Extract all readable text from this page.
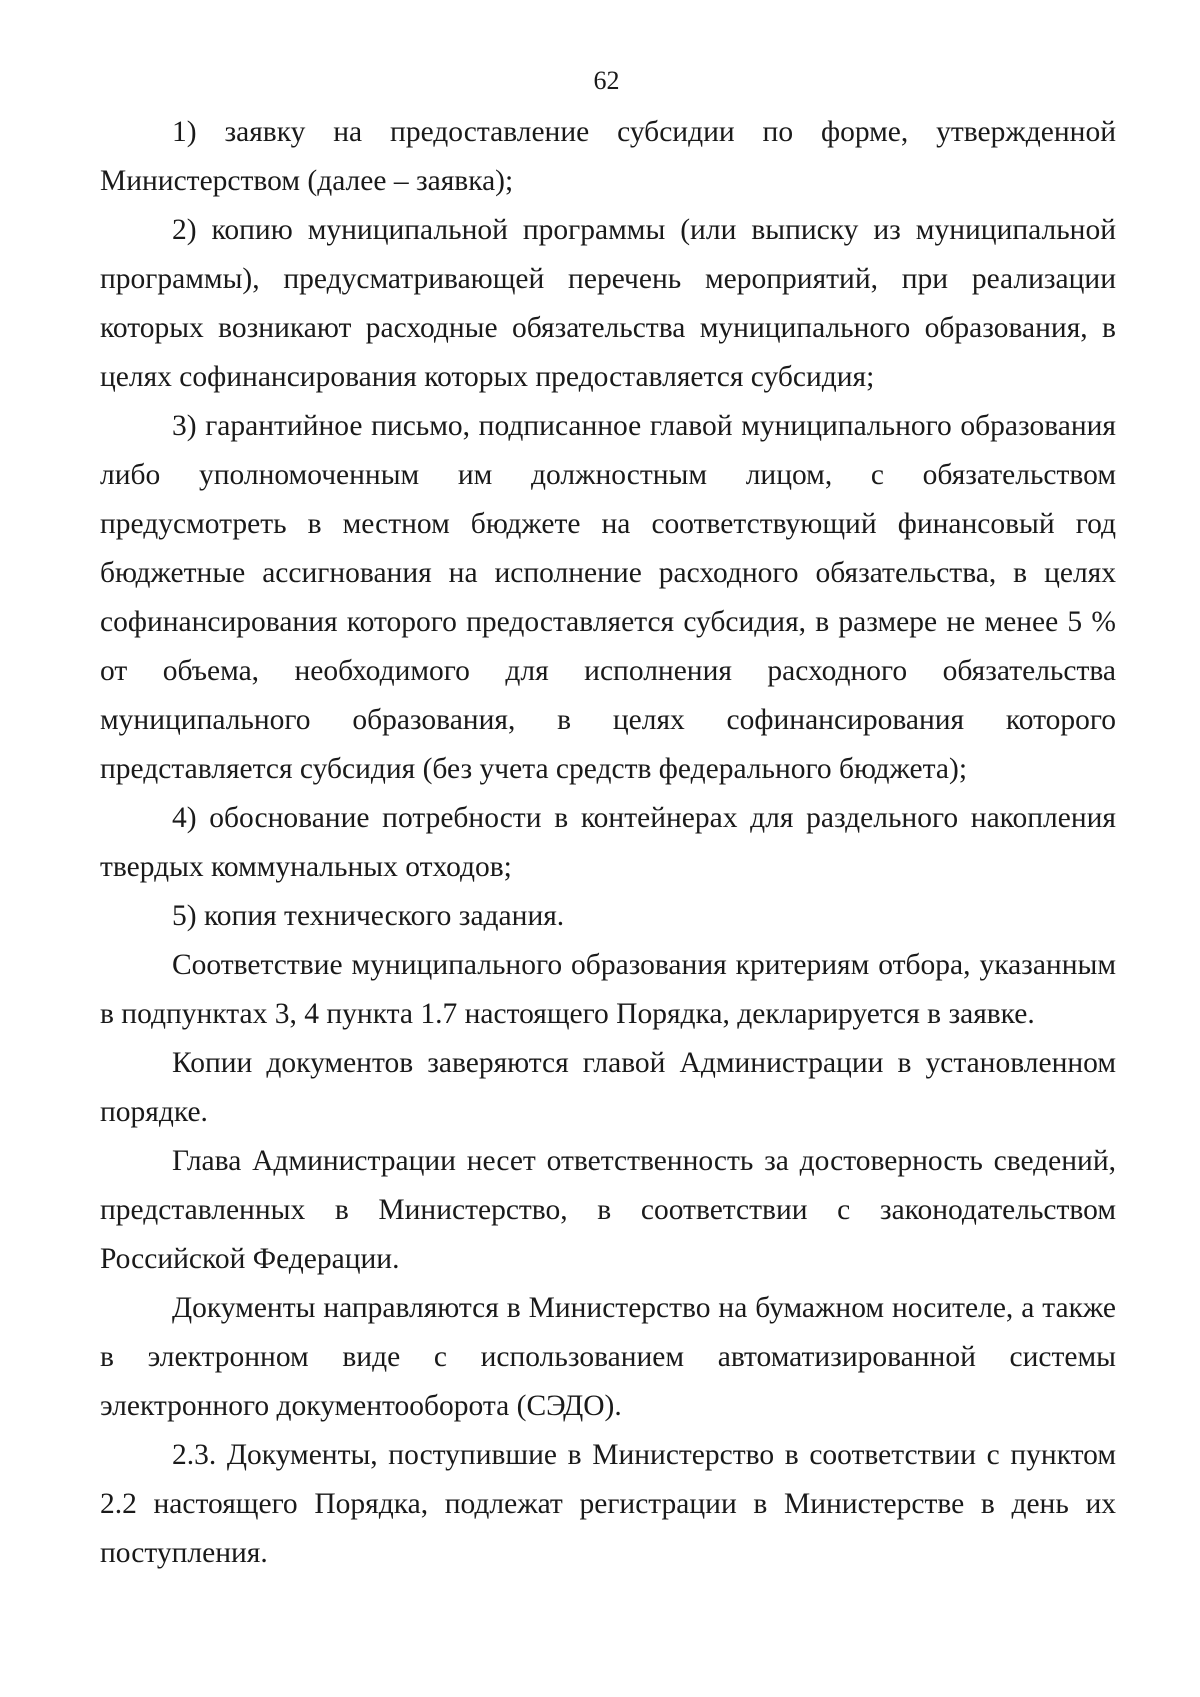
62

1) заявку на предоставление субсидии по форме, утвержденной Министерством (далее – заявка);

2) копию муниципальной программы (или выписку из муниципальной программы), предусматривающей перечень мероприятий, при реализации которых возникают расходные обязательства муниципального образования, в целях софинансирования которых предоставляется субсидия;

3) гарантийное письмо, подписанное главой муниципального образования либо уполномоченным им должностным лицом, с обязательством предусмотреть в местном бюджете на соответствующий финансовый год бюджетные ассигнования на исполнение расходного обязательства, в целях софинансирования которого предоставляется субсидия, в размере не менее 5 % от объема, необходимого для исполнения расходного обязательства муниципального образования, в целях софинансирования которого представляется субсидия (без учета средств федерального бюджета);

4) обоснование потребности в контейнерах для раздельного накопления твердых коммунальных отходов;

5) копия технического задания.

Соответствие муниципального образования критериям отбора, указанным в подпунктах 3, 4 пункта 1.7 настоящего Порядка, декларируется в заявке.

Копии документов заверяются главой Администрации в установленном порядке.

Глава Администрации несет ответственность за достоверность сведений, представленных в Министерство, в соответствии с законодательством Российской Федерации.

Документы направляются в Министерство на бумажном носителе, а также в электронном виде с использованием автоматизированной системы электронного документооборота (СЭДО).

2.3. Документы, поступившие в Министерство в соответствии с пунктом 2.2 настоящего Порядка, подлежат регистрации в Министерстве в день их поступления.
